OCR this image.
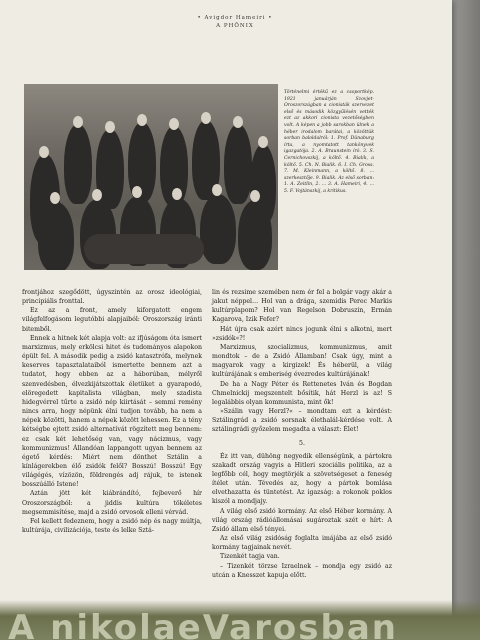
• Avigdor Hameiri •
A PHŌNIX
Történelmi értékű ez a csoportkép. 1921 januárján Szovjet-Oroszországban a cionisták szervezet első és második közgyűlésén vették ezt az akkori cionista vezetőségben volt. A képen a jobb sarokban ülnek a héber irodalom barátai, a közöttük sorban baloldalról: 1. Prof. Dünaburg írta, a nyomtatott tankönyvek igazgatója. 2. A. Braunstein író. 3. S. Cernichovszkij, a költő. 4. Bialik, a költő. 5. Ch. N. Bialik. 6. I. Ch. Gross. 7. M. Kleinmann, a költő. 8. ... szerkesztője. 9. Bialik. Az első sorban: 1. A. Zeitlin, 2. ... 3. A. Hameiri, 4. ... 5. F. Vojtánszkij, a kritikus.

frontjához szegődött, úgyszintén az orosz ideológiai, principiális fronttal.

Ez az a front, amely kiforgatott engem világfelfogásom legutóbbi alapjaiból: Oroszország iránti bitemből.

Ennek a hitnek két alapja volt: az ifjúságom óta ismert marxizmus, mely erkölcsi hitet és tudományos alapokon épült fel. A második pedig a zsidó katasztrófa, melynek keserves tapasztalataiból ismertette bennem azt a tudatot, hogy ebben az a háborúban, mélyről szenvedésben, élvezkijátszottak életüket a gyarapodó, elöregedett kapitalista világban, mely szadista hidegvérrel tűrte a zsidó nép kiirtását – semmi remény nincs arra, hogy népünk élni tudjon tovább, ha nem a népek közötti, hanem a népek között lehessen. Ez a tény kétségbe ejtett zsidó alternatívát rögzített meg bennem: ez csak két lehetőség van, vagy nácizmus, vagy kommunizmus! Állandóan lappangott ugyan bennem az égető kérdés: Miért nem dönthet Sztálin a kínlágerekben élő zsidók felől? Bosszú! Bosszú! Egy világégés, vízözön, földrengés adj rájuk, te istenek bosszúálló Istene!

Aztán jött két kiábrándító, fejbeverő hír Oroszországból: a jiddis kultúra tökéletes megsemmisítése, majd a zsidó orvosok elleni vérvád.

Fel kellett fedeznem, hogy a zsidó nép és nagy múltja, kultúrája, civilizációja, teste és lelke Sztá-

lin és rezsime szemében nem ér fel a bolgár vagy akár a jakut néppel… Hol van a drága, szemidis Perec Markis kultúrplapom? Hol van Regelson Dobruszin, Ermán Kagarova, Izik Fefer?

Hát újra csak azért nincs jogunk élni s alkotni, mert »zsidók«?!

Marxizmus, szocializmus, kommunizmus, amit mondtok – de a Zsidó Államban! Csak úgy, mint a magyarok vagy a kirgizek! És héberül, a világ kultúrájának s emberiség évezredes kultúrájának!

De ha a Nagy Péter és Rettenetes Iván és Bogdan Chmelnickij megszentelt bősítik, hát Herzl is az! S legalábbis olyan kommunista, mint ők!

»Szálin vagy Herzl?« – mondtam ezt a kérdést: Sztálingrád a zsidó sorsnak élethalál-kérdése volt. A sztálingrádi győzelem megadta a választ: Élet!

5.

Éz itt van, dühöng negyedik ellenségünk, a pártokra szakadt ország vagyis a Hitleri szociális politika, az a legfőbb cél, hogy megtörjék a szövetségeset a feneség ítélet után. Tévedés az, hogy a pártok bomlása elvethazatta és tüntetést. Az igazság: a rokonok poklos kiszól a mondjajy.

A világ első zsidó kormány. Az első Héber kormány. A világ ország rádióállomásai sugároztak szét e hírt: A Zsidó állam első tényei.

Az első világ zsidóság foglalta imájába az első zsidó kormány tagjainak nevét.

Tizenkét tagja van.

– Tizenkét törzse Izraelnek – mondja egy zsidó az utcán a Knesszet kapuja előtt.

A nikolaeVarosban
